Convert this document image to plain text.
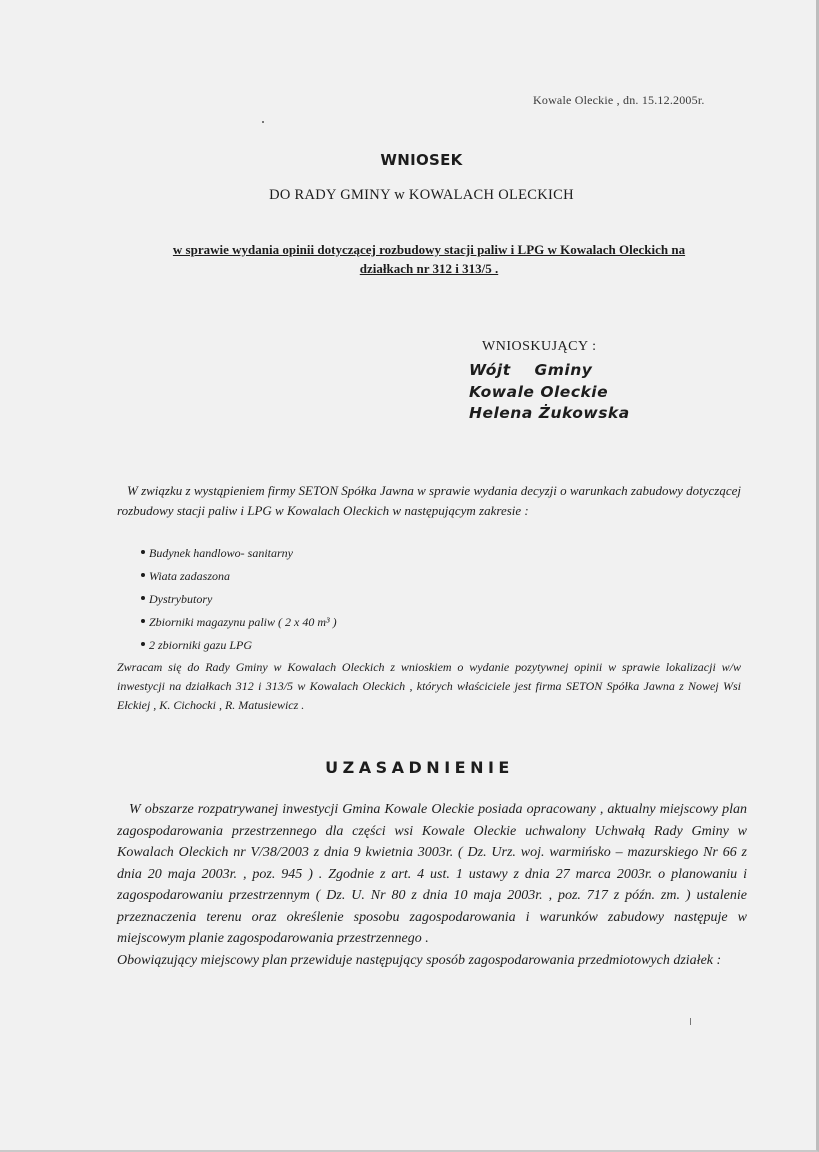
Kowale Oleckie , dn. 15.12.2005r.
WNIOSEK
DO RADY GMINY w KOWALACH OLECKICH
w sprawie wydania opinii dotyczącej rozbudowy stacji paliw i LPG w Kowalach Oleckich na działkach nr 312 i 313/5 .
WNIOSKUJĄCY :
Wójt Gminy
Kowale Oleckie
Helena Żukowska
W związku z wystąpieniem firmy SETON Spółka Jawna w sprawie wydania decyzji o warunkach zabudowy dotyczącej rozbudowy stacji paliw i LPG w Kowalach Oleckich w następującym zakresie :
Budynek handlowo- sanitarny
Wiata zadaszona
Dystrybutory
Zbiorniki magazynu paliw ( 2 x 40 m³ )
2 zbiorniki gazu LPG
Zwracam się do Rady Gminy w Kowalach Oleckich z wnioskiem o wydanie pozytywnej opinii w sprawie lokalizacji w/w inwestycji na działkach 312 i 313/5 w Kowalach Oleckich , których właściciele jest firma SETON Spółka Jawna z Nowej Wsi Ełckiej , K. Cichocki , R. Matusiewicz .
UZASADNIENIE

W obszarze rozpatrywanej inwestycji Gmina Kowale Oleckie posiada opracowany , aktualny miejscowy plan zagospodarowania przestrzennego dla części wsi Kowale Oleckie uchwalony Uchwałą Rady Gminy w Kowalach Oleckich nr V/38/2003 z dnia 9 kwietnia 3003r. ( Dz. Urz. woj. warmińsko – mazurskiego Nr 66 z dnia 20 maja 2003r. , poz. 945 ) . Zgodnie z art. 4 ust. 1 ustawy z dnia 27 marca 2003r. o planowaniu i zagospodarowaniu przestrzennym ( Dz. U. Nr 80 z dnia 10 maja 2003r. , poz. 717 z późn. zm. ) ustalenie przeznaczenia terenu oraz określenie sposobu zagospodarowania i warunków zabudowy następuje w miejscowym planie zagospodarowania przestrzennego .

Obowiązujący miejscowy plan przewiduje następujący sposób zagospodarowania przedmiotowych działek :
